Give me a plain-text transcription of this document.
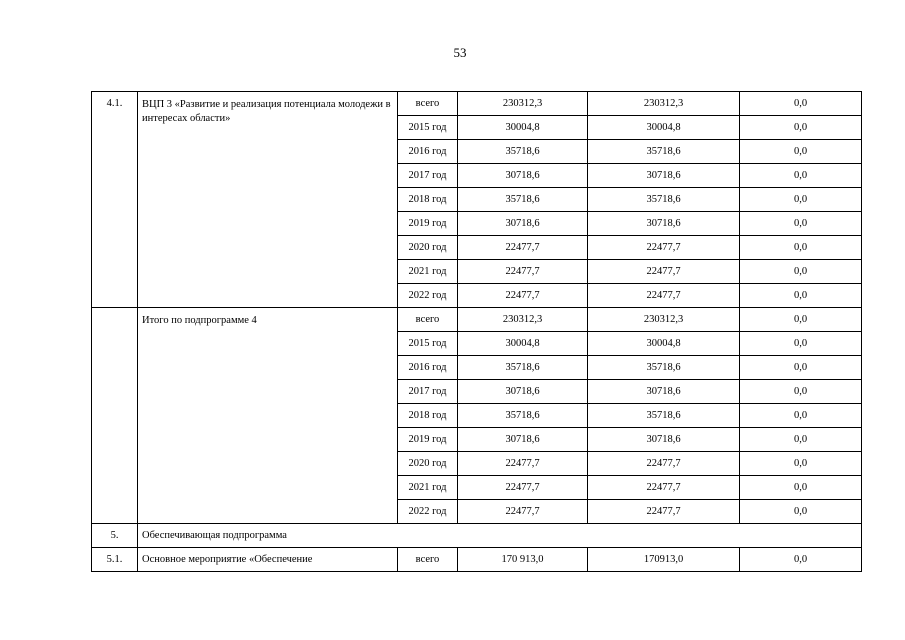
53
4.1.	ВЦП 3 «Развитие и реализация потенциала молодежи в интересах области»	всего	230312,3	230312,3	0,0
		2015 год	30004,8	30004,8	0,0
		2016 год	35718,6	35718,6	0,0
		2017 год	30718,6	30718,6	0,0
		2018 год	35718,6	35718,6	0,0
		2019 год	30718,6	30718,6	0,0
		2020 год	22477,7	22477,7	0,0
		2021 год	22477,7	22477,7	0,0
		2022 год	22477,7	22477,7	0,0
	Итого по подпрограмме 4	всего	230312,3	230312,3	0,0
		2015 год	30004,8	30004,8	0,0
		2016 год	35718,6	35718,6	0,0
		2017 год	30718,6	30718,6	0,0
		2018 год	35718,6	35718,6	0,0
		2019 год	30718,6	30718,6	0,0
		2020 год	22477,7	22477,7	0,0
		2021 год	22477,7	22477,7	0,0
		2022 год	22477,7	22477,7	0,0
5.	Обеспечивающая подпрограмма				
5.1.	Основное мероприятие «Обеспечение	всего	170 913,0	170913,0	0,0
